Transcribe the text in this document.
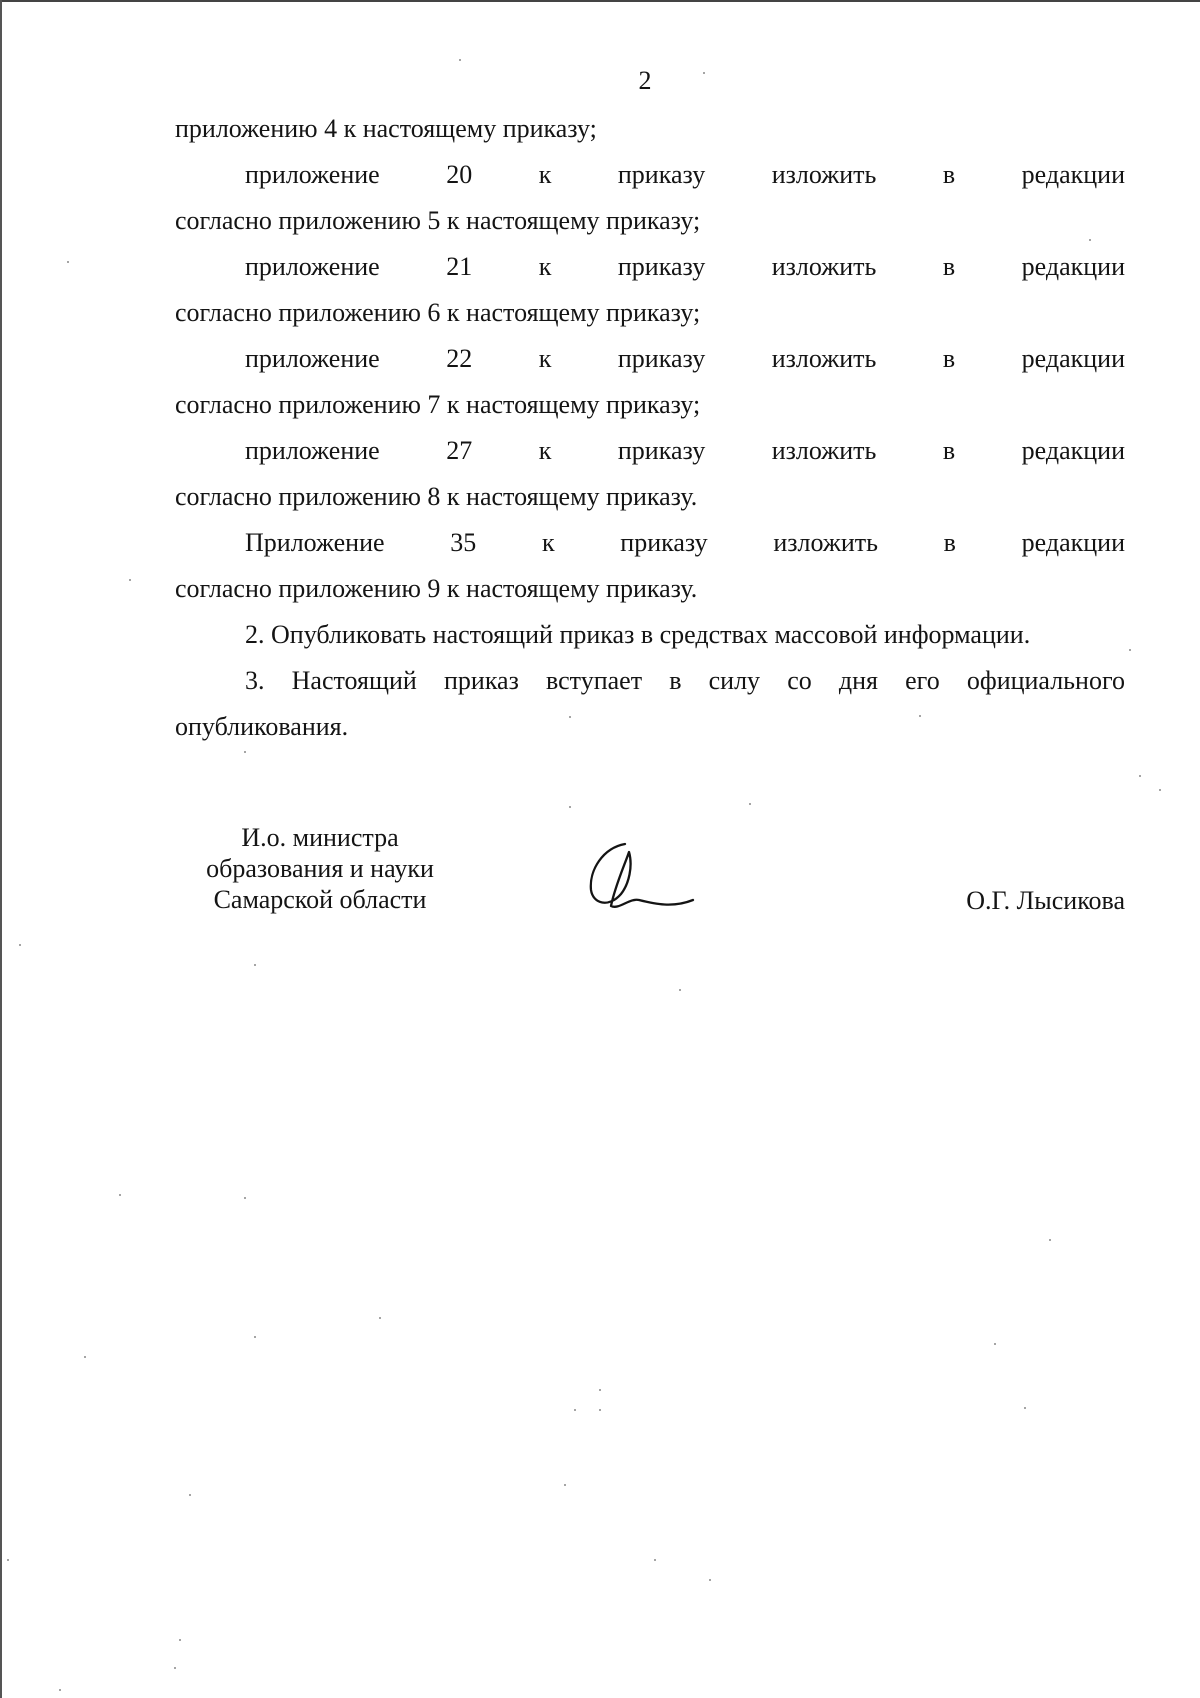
2
приложению 4 к настоящему приказу;
приложение	20	к	приказу	изложить	в	редакции
согласно приложению 5 к настоящему приказу;
приложение	21	к	приказу	изложить	в	редакции
согласно приложению 6 к настоящему приказу;
приложение	22	к	приказу	изложить	в	редакции
согласно приложению 7 к настоящему приказу;
приложение	27	к	приказу	изложить	в	редакции
согласно приложению 8 к настоящему приказу.
Приложение	35	к	приказу	изложить	в	редакции
согласно приложению 9 к настоящему приказу.
2. Опубликовать настоящий приказ в средствах массовой информации.
3. Настоящий приказ вступает в силу со дня его официального
опубликования.
И.о. министра
образования и науки
Самарской области	О.Г. Лысикова
